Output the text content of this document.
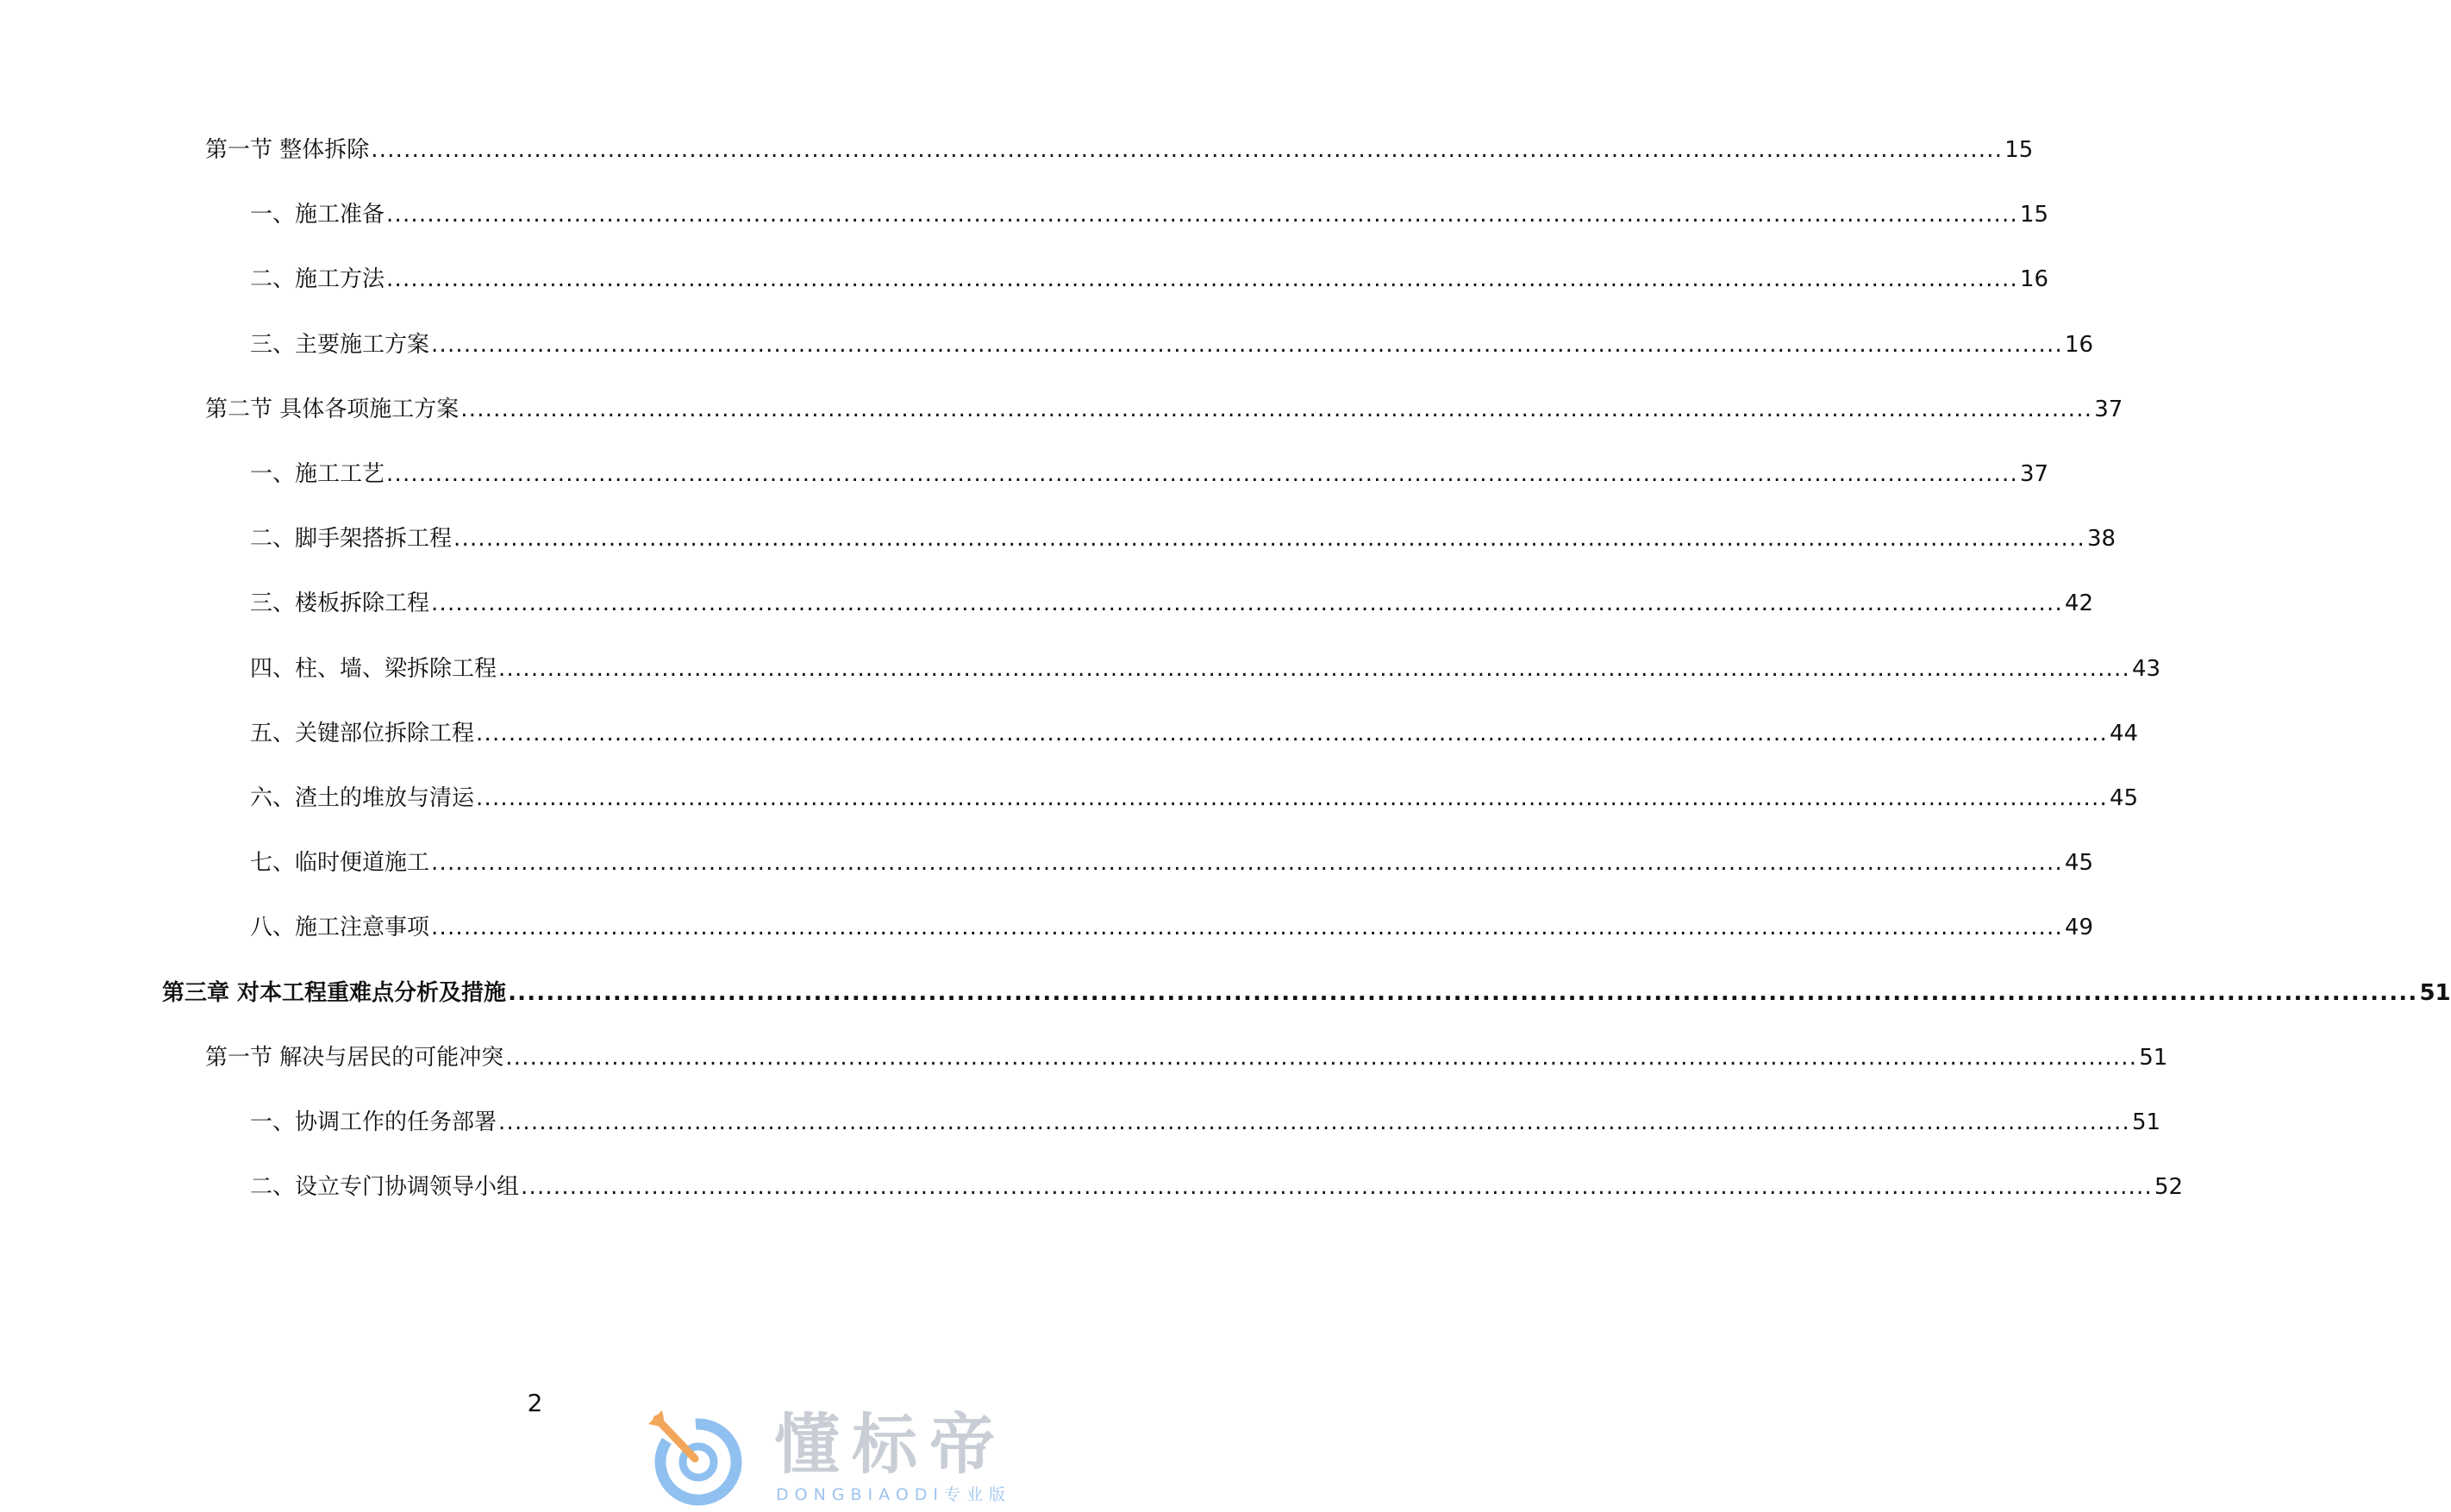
第一节 整体拆除 ........................................................................................................................................................................................................ 15
一、施工准备 ........................................................................................................................................................................................................ 15
二、施工方法 ........................................................................................................................................................................................................ 16
三、主要施工方案 ........................................................................................................................................................................................................ 16
第二节 具体各项施工方案 ........................................................................................................................................................................................................ 37
一、施工工艺 ........................................................................................................................................................................................................ 37
二、脚手架搭拆工程 ........................................................................................................................................................................................................ 38
三、楼板拆除工程 ........................................................................................................................................................................................................ 42
四、柱、墙、梁拆除工程 ........................................................................................................................................................................................................ 43
五、关键部位拆除工程 ........................................................................................................................................................................................................ 44
六、渣土的堆放与清运 ........................................................................................................................................................................................................ 45
七、临时便道施工 ........................................................................................................................................................................................................ 45
八、施工注意事项 ........................................................................................................................................................................................................ 49
第三章 对本工程重难点分析及措施 ........................................................................................................................................................................................................ 51
第一节 解决与居民的可能冲突 ........................................................................................................................................................................................................ 51
一、协调工作的任务部署 ........................................................................................................................................................................................................ 51
二、设立专门协调领导小组 ........................................................................................................................................................................................................ 52
2
懂标帝
DONGBIAODI专业版
